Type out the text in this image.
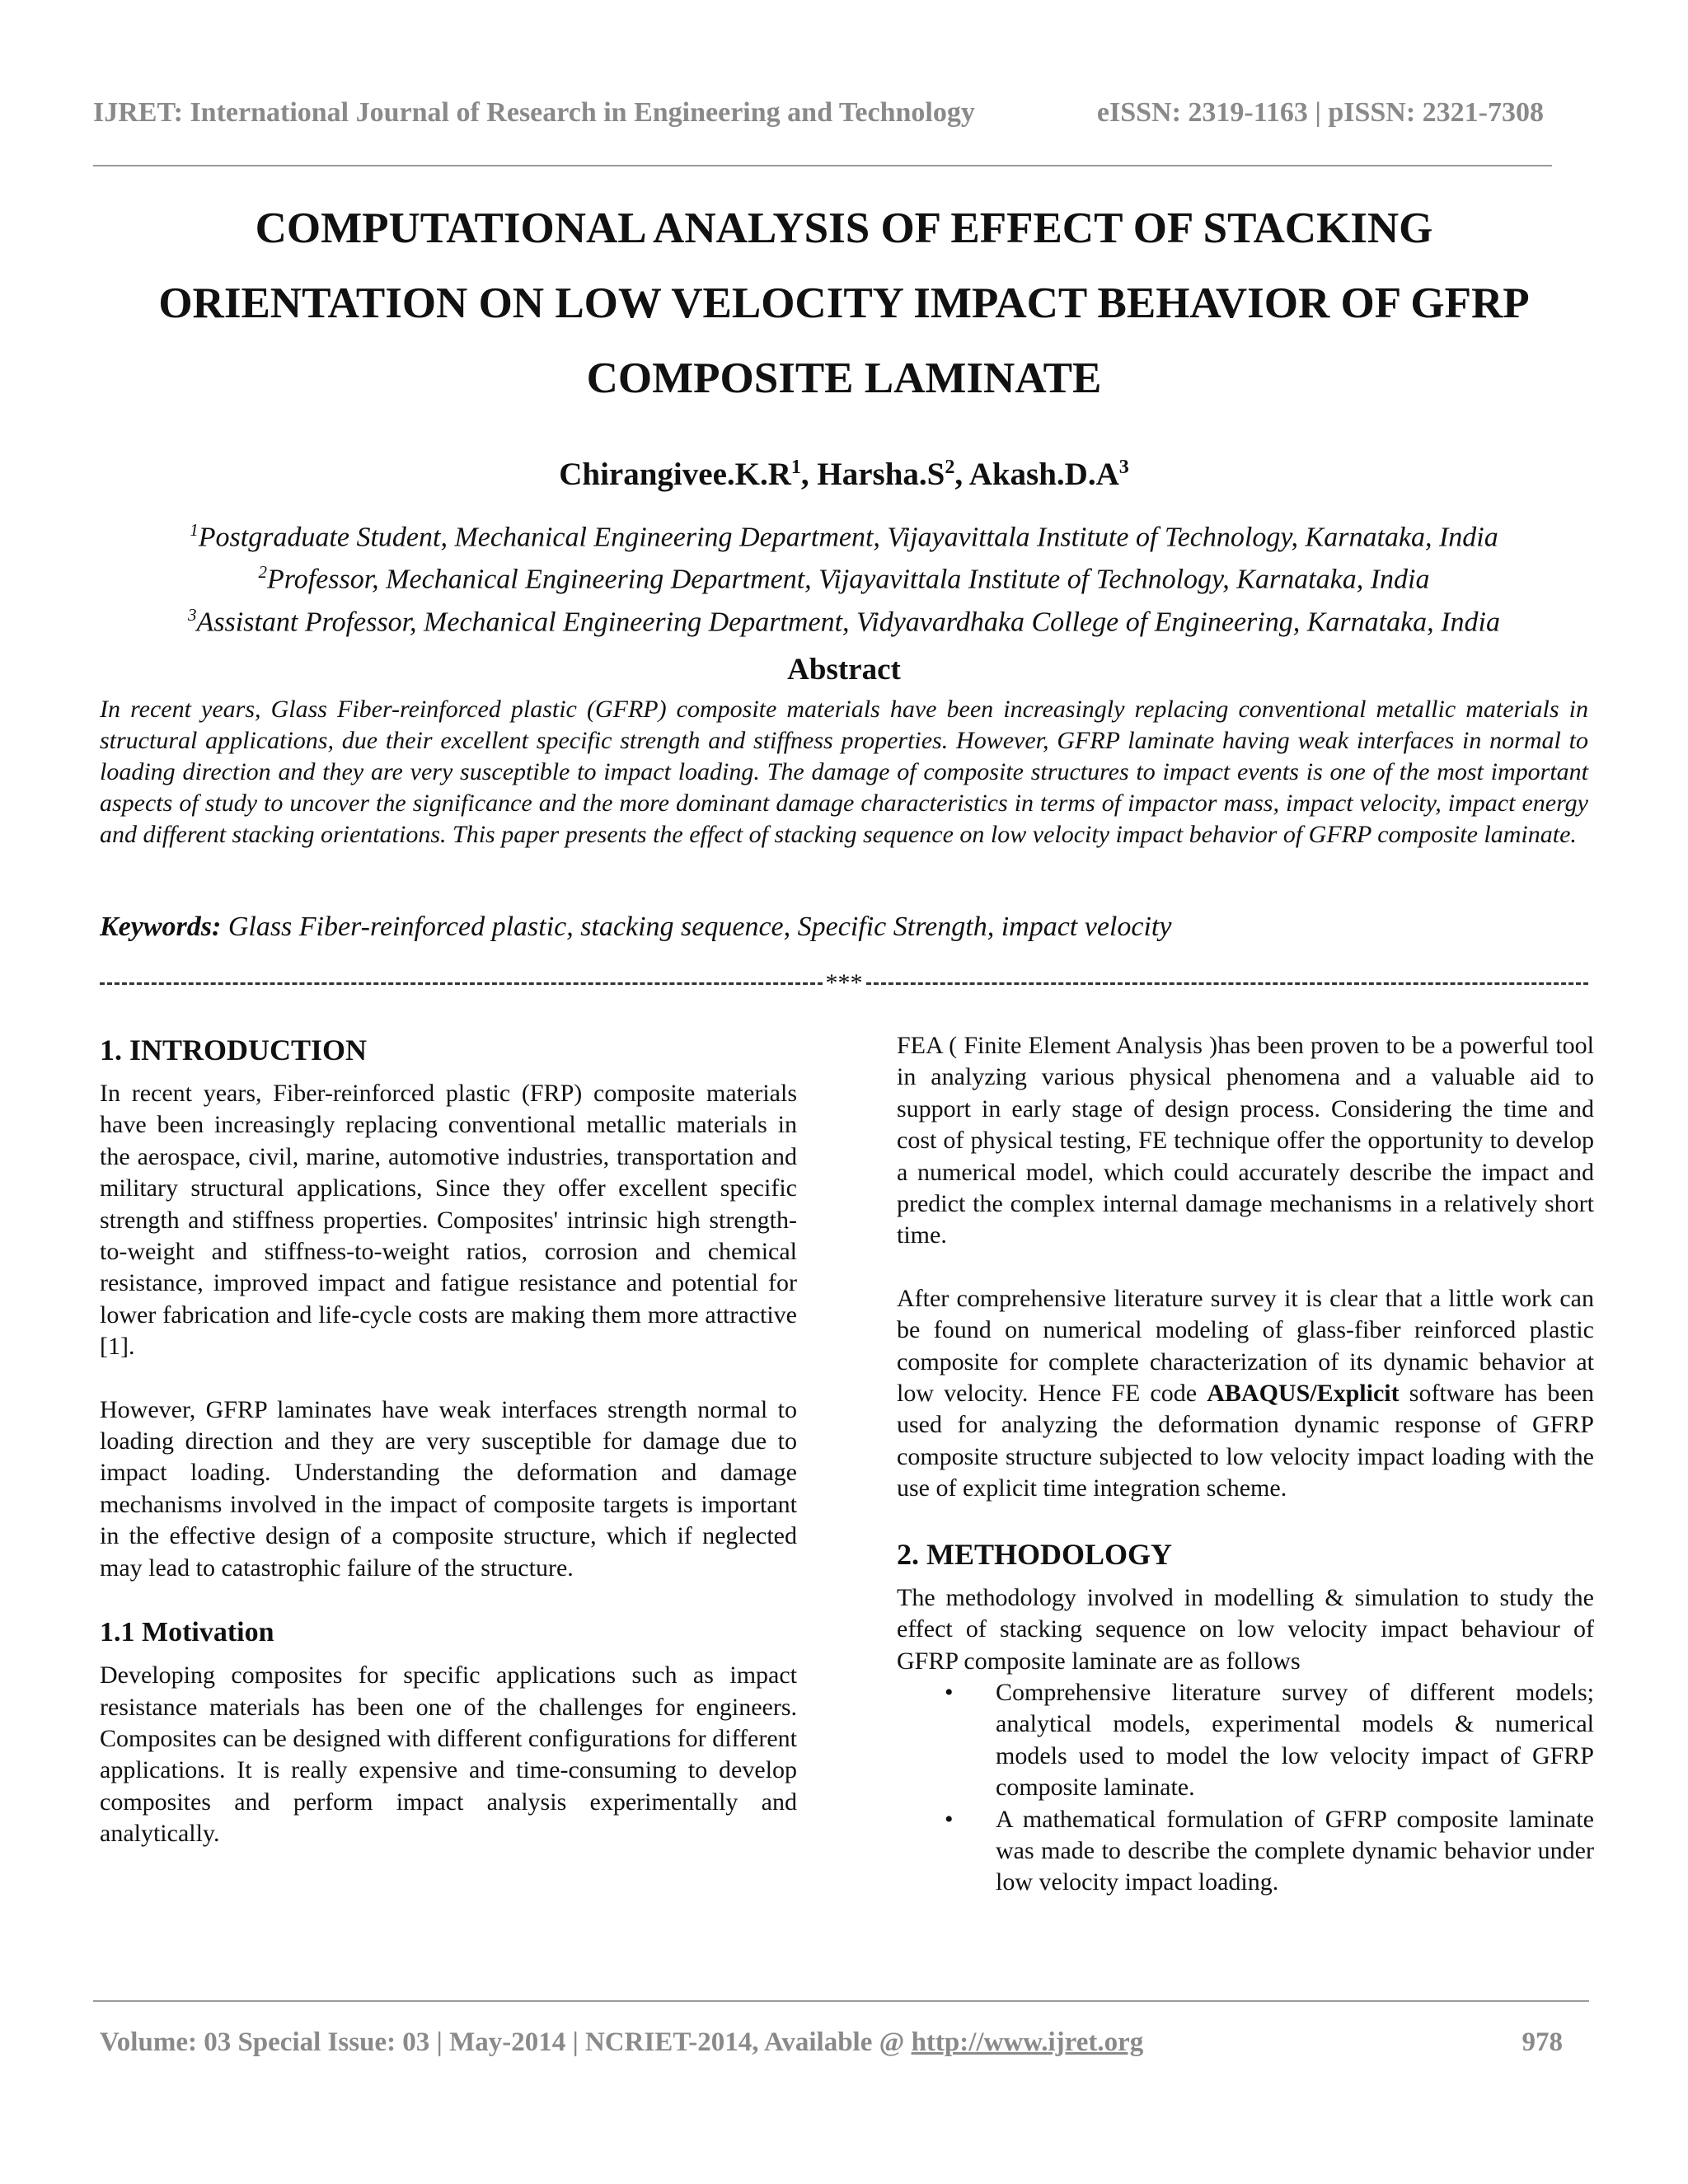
IJRET: International Journal of Research in Engineering and Technology	eISSN: 2319-1163 | pISSN: 2321-7308
COMPUTATIONAL ANALYSIS OF EFFECT OF STACKING
ORIENTATION ON LOW VELOCITY IMPACT BEHAVIOR OF GFRP
COMPOSITE LAMINATE
$Chirangivee.K.R^1$, $Harsha.S^2$, $Akash.D.A^3$
$^1$Postgraduate Student, Mechanical Engineering Department, Vijayavittala Institute of Technology, Karnataka, India
$^2$Professor, Mechanical Engineering Department, Vijayavittala Institute of Technology, Karnataka, India
$^3$Assistant Professor, Mechanical Engineering Department, Vidyavardhaka College of Engineering, Karnataka, India
Abstract
In recent years, Glass Fiber-reinforced plastic (GFRP) composite materials have been increasingly replacing conventional metallic materials in structural applications, due their excellent specific strength and stiffness properties. However, GFRP laminate having weak interfaces in normal to loading direction and they are very susceptible to impact loading. The damage of composite structures to impact events is one of the most important aspects of study to uncover the significance and the more dominant damage characteristics in terms of impactor mass, impact velocity, impact energy and different stacking orientations. This paper presents the effect of stacking sequence on low velocity impact behavior of GFRP composite laminate.
Keywords: Glass Fiber-reinforced plastic, stacking sequence, Specific Strength, impact velocity
***
1. INTRODUCTION

In recent years, Fiber-reinforced plastic (FRP) composite materials have been increasingly replacing conventional metallic materials in the aerospace, civil, marine, automotive industries, transportation and military structural applications, Since they offer excellent specific strength and stiffness properties. Composites' intrinsic high strength-to-weight and stiffness-to-weight ratios, corrosion and chemical resistance, improved impact and fatigue resistance and potential for lower fabrication and life-cycle costs are making them more attractive [1].

However, GFRP laminates have weak interfaces strength normal to loading direction and they are very susceptible for damage due to impact loading. Understanding the deformation and damage mechanisms involved in the impact of composite targets is important in the effective design of a composite structure, which if neglected may lead to catastrophic failure of the structure.

1.1 Motivation

Developing composites for specific applications such as impact resistance materials has been one of the challenges for engineers. Composites can be designed with different configurations for different applications. It is really expensive and time-consuming to develop composites and perform impact analysis experimentally and analytically.

FEA ( Finite Element Analysis )has been proven to be a powerful tool in analyzing various physical phenomena and a valuable aid to support in early stage of design process. Considering the time and cost of physical testing, FE technique offer the opportunity to develop a numerical model, which could accurately describe the impact and predict the complex internal damage mechanisms in a relatively short time.

After comprehensive literature survey it is clear that a little work can be found on numerical modeling of glass-fiber reinforced plastic composite for complete characterization of its dynamic behavior at low velocity. Hence FE code ABAQUS/Explicit software has been used for analyzing the deformation dynamic response of GFRP composite structure subjected to low velocity impact loading with the use of explicit time integration scheme.

2. METHODOLOGY

The methodology involved in modelling & simulation to study the effect of stacking sequence on low velocity impact behaviour of GFRP composite laminate are as follows

• Comprehensive literature survey of different models; analytical models, experimental models & numerical models used to model the low velocity impact of GFRP composite laminate.
• A mathematical formulation of GFRP composite laminate was made to describe the complete dynamic behavior under low velocity impact loading.
Volume: 03 Special Issue: 03 | May-2014 | NCRIET-2014, Available @ http://www.ijret.org	978
